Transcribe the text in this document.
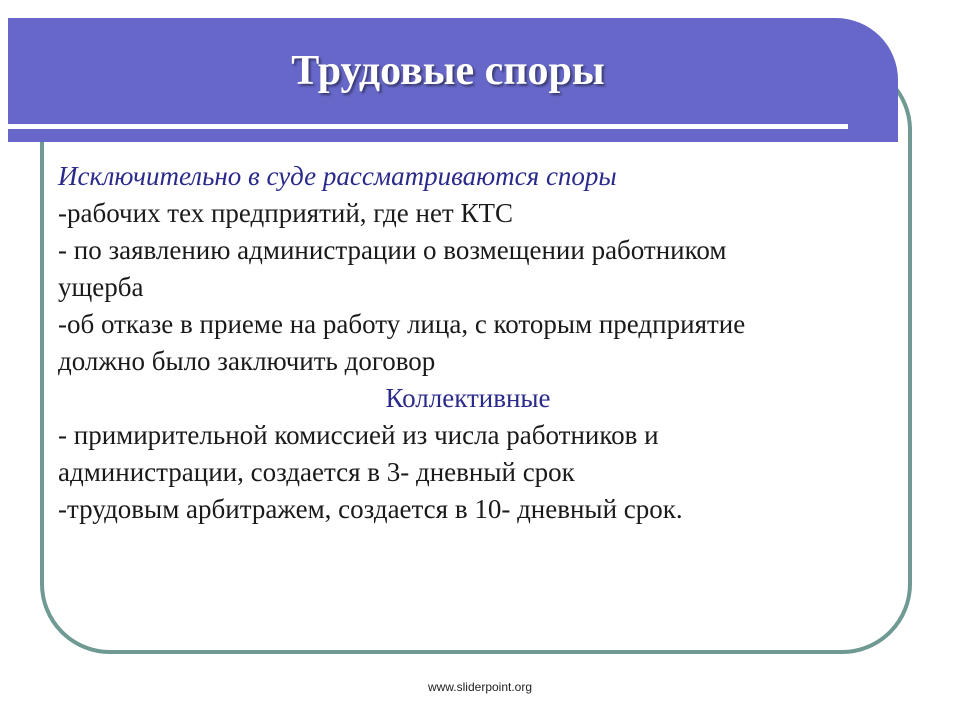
Трудовые споры
Исключительно в суде рассматриваются споры
-рабочих тех предприятий, где нет КТС
- по заявлению администрации о возмещении работником
ущерба
-об отказе в приеме на работу лица, с которым предприятие
должно было заключить договор
Коллективные
- примирительной комиссией из числа работников и
администрации, создается в 3- дневный срок
-трудовым арбитражем, создается в 10- дневный срок.
www.sliderpoint.org
